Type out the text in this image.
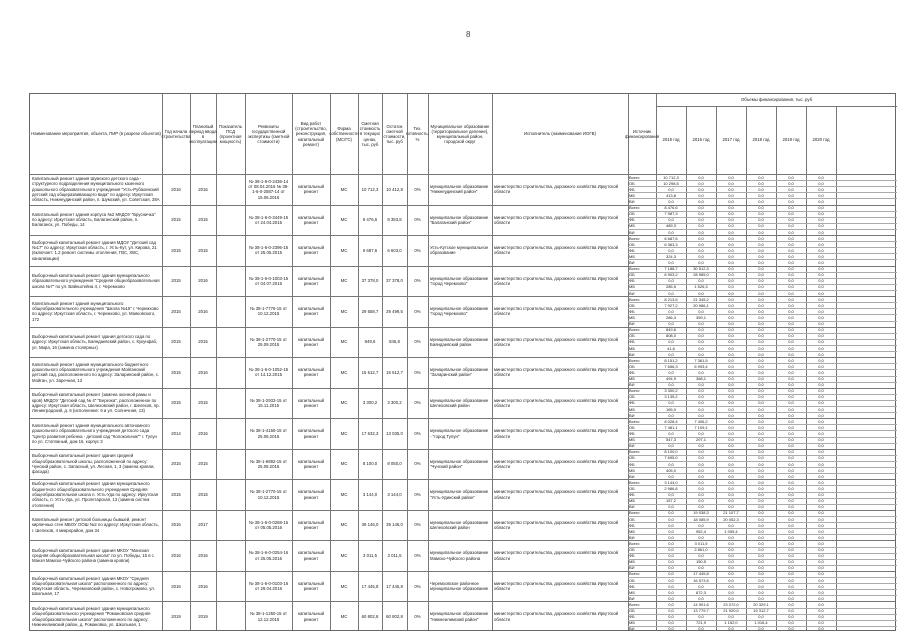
8
Наименование мероприятия, объекта, ПИР (в разрезе объектов)
Год начала строительства
Плановый период ввода в эксплуатацию
Показатель ПСД (проектная мощность)
Реквизиты государственной экспертизы (сметной стоимости)
Вид работ (строительство, реконструкция, капитальный ремонт)
Форма собственности (МС/ГС)
Сметная стоимость в текущих ценах, тыс. руб
Остаток сметной стоимости, тыс. руб
Тех. готовность, %
Муниципальное образование (территориальное деление), муниципальный район, городской округ
Исполнитель (наименование ИОГВ)
Источник финансирования
Объемы финансирования, тыс. руб
2015 год	2016 год	2017 год	2018 год	2019 год	2020 год
Капитальный ремонт здания Шумского детского сада - структурного подразделения муниципального казенного дошкольного образовательного учреждения "Усть-Рубахинский детский сад общеразвивающего вида" по адресу: Иркутская область, Нижнеудинский район, п. Шумский, ул. Советская, 28А
2016	2016
№ 38-1-6-0-2436-14 от 08.04.2016 № 38-1-6-0-2587-14 от 15.06.2016
капитальный ремонт
МС	10 712,3	10 412,8	0%
муниципальное образование "Нижнеудинский район"
министерство строительства, дорожного хозяйства Иркутской области
Всего	10 712,3	0,0	0,0	0,0	0,0	0,0
ОБ	10 298,5	0,0	0,0	0,0	0,0	0,0
ФБ	0,0	0,0	0,0	0,0	0,0	0,0
МБ	413,8	0,0	0,0	0,0	0,0	0,0
ВИ	0,0	0,0	0,0	0,0	0,0	0,0
Капитальный ремонт здания корпуса №2 МКДОУ "Брусничка" по адресу: Иркутская область, Балаганский район, п. Балаганск, ул. Победы, 14
2015	2015
№ 38-1-6-0-3449-15 от 24.04.2015
капитальный ремонт
МС	8 476,6	8 383,8	0%
муниципальное образование "Балаганский район"
министерство строительства, дорожного хозяйства Иркутской области
Всего	8 476,6	0,0	0,0	0,0	0,0	0,0
ОБ	7 987,3	0,0	0,0	0,0	0,0	0,0
ФБ	0,0	0,0	0,0	0,0	0,0	0,0
МБ	489,3	0,0	0,0	0,0	0,0	0,0
ВИ	0,0	0,0	0,0	0,0	0,0	0,0
Выборочный капитальный ремонт здания МДОУ "Детский сад №17" по адресу: Иркутская область, г. Усть-Кут, ул. Кирова, 21 (включает: 1.2 ремонт системы отопления, ГВС, ХВС, канализации)
2015	2015
№ 38-1-6-0-2396-15 от 25.05.2015
капитальный ремонт
МС	6 687,6	6 603,0	0%
Усть-Кутское муниципальное образование
министерство строительства, дорожного хозяйства Иркутской области
Всего	6 687,6	0,0	0,0	0,0	0,0	0,0
ОБ	6 363,3	0,0	0,0	0,0	0,0	0,0
ФБ	0,0	0,0	0,0	0,0	0,0	0,0
МБ	324,3	0,0	0,0	0,0	0,0	0,0
ВИ	0,0	0,0	0,0	0,0	0,0	0,0
Выборочный капитальный ремонт здания муниципального образовательного учреждения "Средняя общеобразовательная школа №7" по ул. Вайнштейна 4, г. Черемхово
2015	2016
№ 38-1-6-0-1003-15 от 04.07.2016
капитальный ремонт
МС	37 378,0	37 378,0	0%
муниципальное образование "город Черемхово"
министерство строительства, дорожного хозяйства Иркутской области
Всего	7 188,7	30 512,3	0,0	0,0	0,0	0,0
ОБ	6 903,2	28 985,0	0,0	0,0	0,0	0,0
ФБ	0,0	0,0	0,0	0,0	0,0	0,0
МБ	285,5	1 526,3	0,0	0,0	0,0	0,0
ВИ	0,0	0,0	0,0	0,0	0,0	0,0
Капитальный ремонт здания муниципального общеобразовательного учреждения "Школа №15" г. Черемхово по адресу: Иркутская область, г. Черемхово, ул. Маяковского, 172
2015	2016
№ 38-1-7776-15 от 10.12.2015
капитальный ремонт
МС	29 558,7	29 499,5	0%
муниципальное образование "город Черемхово"
министерство строительства, дорожного хозяйства Иркутской области
Всего	8 213,5	21 345,2	0,0	0,0	0,0	0,0
ОБ	7 927,2	20 986,1	0,0	0,0	0,0	0,0
ФБ	0,0	0,0	0,0	0,0	0,0	0,0
МБ	286,3	359,1	0,0	0,0	0,0	0,0
ВИ	0,0	0,0	0,0	0,0	0,0	0,0
Выборочный капитальный ремонт здания детского сада по адресу: Иркутская область, Баяндаевский район, с. Кукунфаб, ул. Мира, 16 (замена столярных)
2015	2015
№ 38-1-2770-15 от 25.09.2015
капитальный ремонт
МС	849,6	845,8	0%
муниципальное образование Баяндаевский район
министерство строительства, дорожного хозяйства Иркутской области
Всего	849,6	0,0	0,0	0,0	0,0	0,0
ОБ	808,0	0,0	0,0	0,0	0,0	0,0
ФБ	0,0	0,0	0,0	0,0	0,0	0,0
МБ	41,6	0,0	0,0	0,0	0,0	0,0
ВИ	0,0	0,0	0,0	0,0	0,0	0,0
Капитальный ремонт здания муниципального бюджетного дошкольного образовательного учреждения Мойганский детский сад, расположенного по адресу: Заларинский район, с. Мойган, ул. Заречная, 13
2015	2016
№ 38-1-6-0-1052-15 от 14.12.2015
капитальный ремонт
МС	15 512,7	15 512,7	0%
муниципальное образование "Заларинский район"
министерство строительства, дорожного хозяйства Иркутской области
Всего	8 151,2	7 361,5	0,0	0,0	0,0	0,0
ОБ	7 656,3	6 993,4	0,0	0,0	0,0	0,0
ФБ	0,0	0,0	0,0	0,0	0,0	0,0
МБ	494,9	368,1	0,0	0,0	0,0	0,0
ВИ	0,0	0,0	0,0	0,0	0,0	0,0
Выборочный капитальный ремонт (замена оконной рамы и кров) МКДОУ "Детский сад № 4" "Березка", расположенное по адресу: Иркутская область, Шелеховский район, г. Шелехов, пр. Ленинградский, д. 6 (исполнение: 6 и ул. Солнечная, 13)
2015	2015
№ 38-1-2933-15 от 15.11.2015
капитальный ремонт
МС	3 300,2	3 300,2	0%
муниципальное образование Шелеховский район
министерство строительства, дорожного хозяйства Иркутской области
Всего	3 300,2	0,0	0,0	0,0	0,0	0,0
ОБ	3 135,2	0,0	0,0	0,0	0,0	0,0
ФБ	0,0	0,0	0,0	0,0	0,0	0,0
МБ	165,0	0,0	0,0	0,0	0,0	0,0
ВИ	0,0	0,0	0,0	0,0	0,0	0,0
Капитальный ремонт здания муниципального автономного дошкольного образовательного учреждения детского сада "Центр развития ребенка - детский сад "Колокольчик"" г. Тулун по ул. Стоппаный, дом 16, корпус 3
2014	2016
№ 38-1-4156-15 от 25.08.2015
капитальный ремонт
МС	17 632,3	13 035,0	0%
муниципальное образование - "город Тулун"
министерство строительства, дорожного хозяйства Иркутской области
Всего	8 028,4	7 406,2	0,0	0,0	0,0	0,0
ОБ	7 481,1	7 109,1	0,0	0,0	0,0	0,0
ФБ	0,0	0,0	0,0	0,0	0,0	0,0
МБ	547,3	297,1	0,0	0,0	0,0	0,0
ВИ	0,0	0,0	0,0	0,0	0,0	0,0
Выборочный капитальный ремонт здания средней общеобразовательной школы, расположенной по адресу: Чунский район, с. Запасный, ул. Лесная, 1, 3 (замена кровли, фасада)
2015	2015
№ 38-1-6892-15 от 25.08.2015
капитальный ремонт
МС	8 100,0	8 050,0	0%
муниципальное образование "Чунский район"
министерство строительства, дорожного хозяйства Иркутской области
Всего	8 100,0	0,0	0,0	0,0	0,0	0,0
ОБ	7 695,0	0,0	0,0	0,0	0,0	0,0
ФБ	0,0	0,0	0,0	0,0	0,0	0,0
МБ	405,0	0,0	0,0	0,0	0,0	0,0
ВИ	0,0	0,0	0,0	0,0	0,0	0,0
Выборочный капитальный ремонт здания муниципального бюджетного общеобразовательного учреждения Средняя общеобразовательная школа п. Усть-Уда по адресу: Иркутская область, п. Усть-Уда, ул. Пролетарская, 13 (замена систем отопления)
2015	2015
№ 38-1-2770-15 от 10.12.2015
капитальный ремонт
МС	3 144,0	3 144,0	0%
муниципальное образование "Усть-Удинский район"
министерство строительства, дорожного хозяйства Иркутской области
Всего	3 144,0	0,0	0,0	0,0	0,0	0,0
ОБ	2 986,8	0,0	0,0	0,0	0,0	0,0
ФБ	0,0	0,0	0,0	0,0	0,0	0,0
МБ	157,2	0,0	0,0	0,0	0,0	0,0
ВИ	0,0	0,0	0,0	0,0	0,0	0,0
Капитальный ремонт детской больницы бывшей, ремонт кирпичных стен МБОУ ООШ №2 по адресу: Иркутская область, г. Шелехов, 4 микрорайон, дом 34
2016	2017
№ 38-1-6-0-0268-16 от 05.05.2016
капитальный ремонт
МС	39 146,0	39 146,0	0%
муниципальное образование Шелеховский район
министерство строительства, дорожного хозяйства Иркутской области
Всего	0,0	19 038,3	21 107,7	0,0	0,0	0,0
ОБ	0,0	18 085,9	20 052,3	0,0	0,0	0,0
ФБ	0,0	0,0	0,0	0,0	0,0	0,0
МБ	0,0	952,4	1 055,4	0,0	0,0	0,0
ВИ	0,0	0,0	0,0	0,0	0,0	0,0
Выборочный капитальный ремонт здания МКОУ "Манская средняя общеобразовательная школа" по ул. Победы, 15 в с. Манзя Мамско-Чуйского района (замена кровли)
2016	2016
№ 38-1-6-0-0254-16 от 25.05.2016
капитальный ремонт
МС	3 011,5	3 011,5	0%
муниципальное образование Мамско-Чуйского района
министерство строительства, дорожного хозяйства Иркутской области
Всего	0,0	3 011,5	0,0	0,0	0,0	0,0
ОБ	0,0	2 861,0	0,0	0,0	0,0	0,0
ФБ	0,0	0,0	0,0	0,0	0,0	0,0
МБ	0,0	150,5	0,0	0,0	0,0	0,0
ВИ	0,0	0,0	0,0	0,0	0,0	0,0
Выборочный капитальный ремонт здания МКОУ "Средняя общеобразовательная школа" расположенного по адресу: Иркутская область, Черемховский район, с. Новогромово, ул. Школьная, 17
2016	2016
№ 38-1-6-0-0103-16 от 29.04.2016
капитальный ремонт
МС	17 445,8	17 445,8	0%
Черемховское районное муниципальное образование
министерство строительства, дорожного хозяйства Иркутской области
Всего	0,0	17 445,8	0,0	0,0	0,0	0,0
ОБ	0,0	16 573,5	0,0	0,0	0,0	0,0
ФБ	0,0	0,0	0,0	0,0	0,0	0,0
МБ	0,0	872,3	0,0	0,0	0,0	0,0
ВИ	0,0	0,0	0,0	0,0	0,0	0,0
Выборочный капитальный ремонт здания муниципального общеобразовательного учреждения "Романовская средняя общеобразовательная школа" расположенного по адресу: Нижнеилимский район, д. Романовка, ул. Школьная, 1
2019	2019
№ 38-1-1250-15 от 12.12.2015
капитальный ремонт
МС	60 802,8	60 802,8	0%
муниципальное образование "Нижнеилимский район"
министерство строительства, дорожного хозяйства Иркутской области
Всего	0,0	14 901,6	23 072,0	20 329,1	0,0	0,0
ОБ	0,0	13 779,7	21 920,0	19 312,7	0,0	0,0
ФБ	0,0	0,0	0,0	0,0	0,0	0,0
МБ	0,0	721,9	1 152,0	1 016,4	0,0	0,0
ВИ	0,0	0,0	0,0	0,0	0,0	0,0
